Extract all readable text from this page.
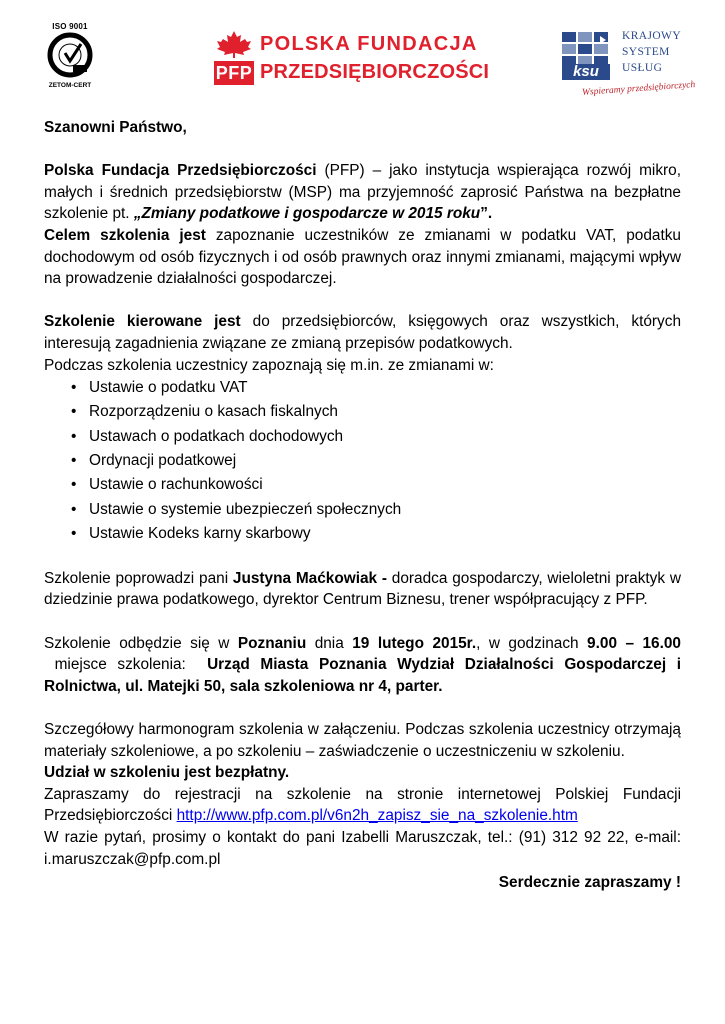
ISO 9001
ZETOM-CERT
PFP
POLSKA FUNDACJA
PRZEDSIĘBIORCZOŚCI	ksu
KRAJOWY
SYSTEM
USŁUG
Wspieramy przedsiębiorczych

Szanowni Państwo,

Polska Fundacja Przedsiębiorczości (PFP) – jako instytucja wspierająca rozwój mikro, małych i średnich przedsiębiorstw (MSP) ma przyjemność zaprosić Państwa na bezpłatne szkolenie pt. „Zmiany podatkowe i gospodarcze w 2015 roku”.
Celem szkolenia jest zapoznanie uczestników ze zmianami w podatku VAT, podatku dochodowym od osób fizycznych i od osób prawnych oraz innymi zmianami, mającymi wpływ na prowadzenie działalności gospodarczej.

Szkolenie kierowane jest do przedsiębiorców, księgowych oraz wszystkich, których interesują zagadnienia związane ze zmianą przepisów podatkowych.
Podczas szkolenia uczestnicy zapoznają się m.in. ze zmianami w:

• Ustawie o podatku VAT
• Rozporządzeniu o kasach fiskalnych
• Ustawach o podatkach dochodowych
• Ordynacji podatkowej
• Ustawie o rachunkowości
• Ustawie o systemie ubezpieczeń społecznych
• Ustawie Kodeks karny skarbowy

Szkolenie poprowadzi pani Justyna Maćkowiak - doradca gospodarczy, wieloletni praktyk w dziedzinie prawa podatkowego, dyrektor Centrum Biznesu, trener współpracujący z PFP.

Szkolenie odbędzie się w Poznaniu dnia 19 lutego 2015r., w godzinach 9.00 – 16.00 miejsce szkolenia:  Urząd Miasta Poznania Wydział Działalności Gospodarczej i Rolnictwa, ul. Matejki 50, sala szkoleniowa nr 4, parter.

Szczegółowy harmonogram szkolenia w załączeniu. Podczas szkolenia uczestnicy otrzymają materiały szkoleniowe, a po szkoleniu – zaświadczenie o uczestniczeniu w szkoleniu.

Udział w szkoleniu jest bezpłatny.

Zapraszamy do rejestracji na szkolenie na stronie internetowej Polskiej Fundacji Przedsiębiorczości http://www.pfp.com.pl/v6n2h_zapisz_sie_na_szkolenie.htm

W razie pytań, prosimy o kontakt do pani Izabelli Maruszczak, tel.: (91) 312 92 22, e-mail: i.maruszczak@pfp.com.pl

Serdecznie zapraszamy !
